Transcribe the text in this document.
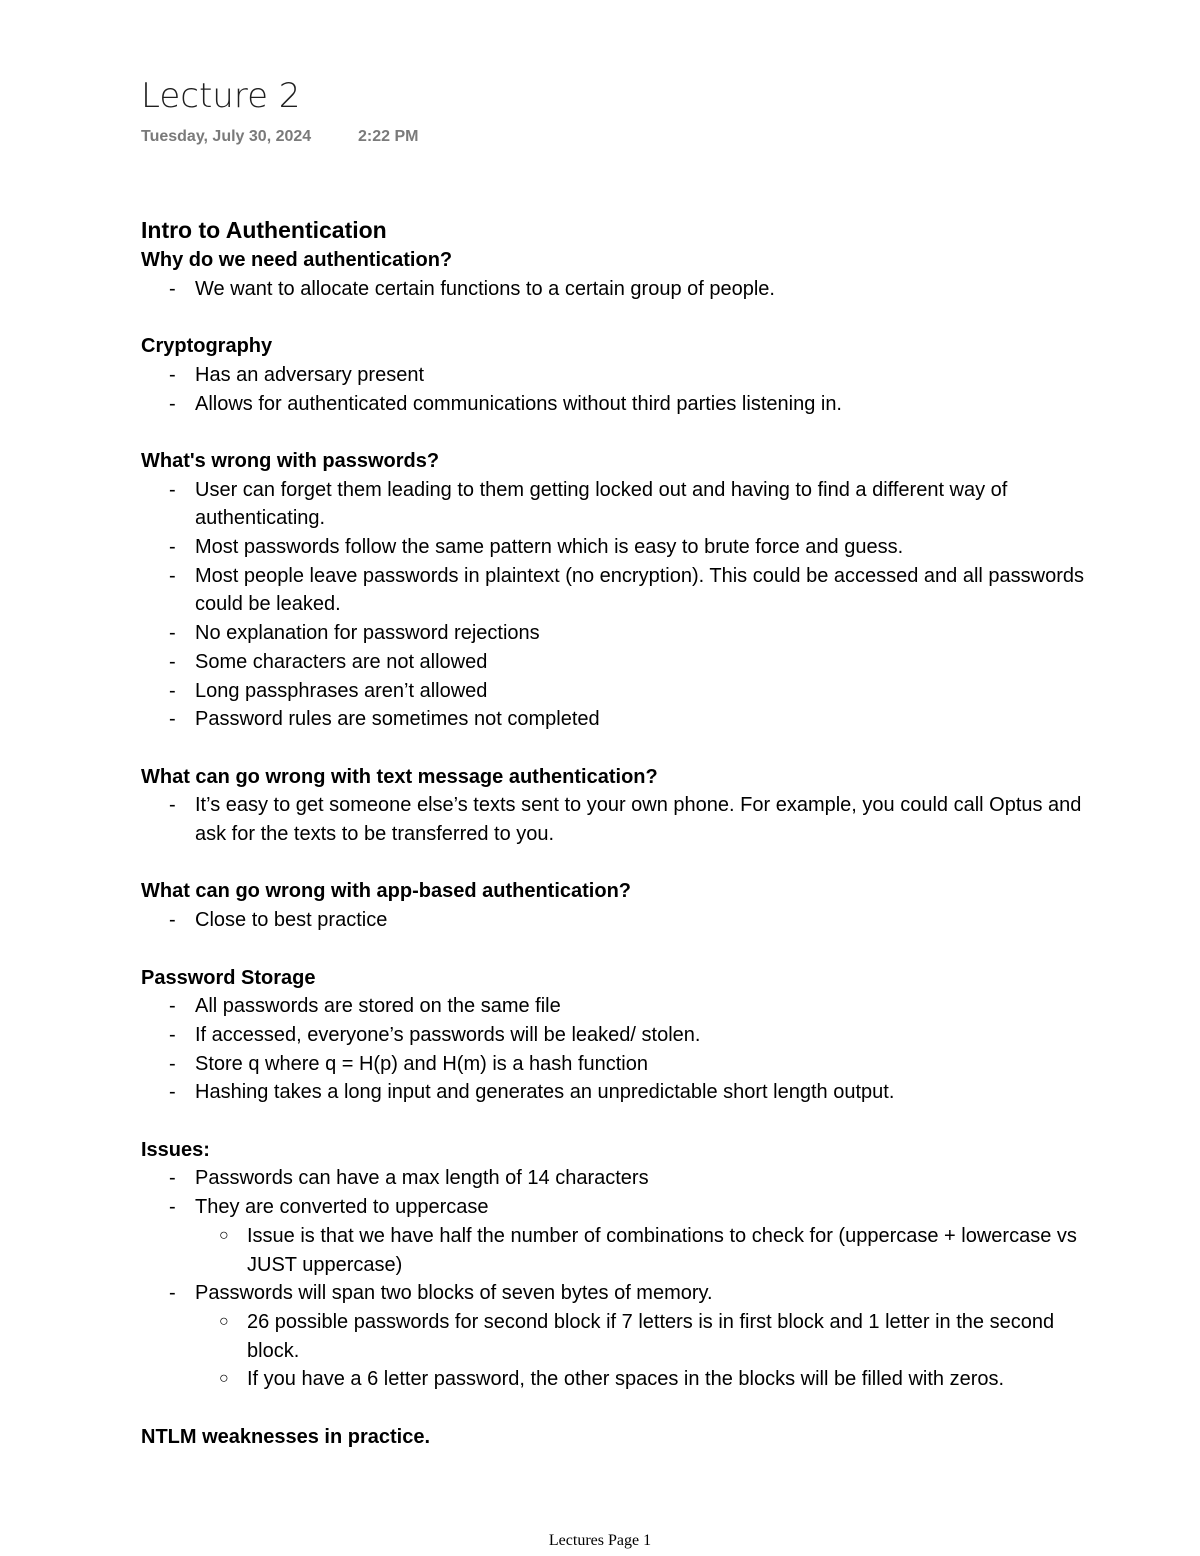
Lecture 2
Tuesday, July 30, 2024	2:22 PM
Intro to Authentication
Why do we need authentication?
- We want to allocate certain functions to a certain group of people.
Cryptography
- Has an adversary present
- Allows for authenticated communications without third parties listening in.
What's wrong with passwords?
- User can forget them leading to them getting locked out and having to find a different way of authenticating.
- Most passwords follow the same pattern which is easy to brute force and guess.
- Most people leave passwords in plaintext (no encryption). This could be accessed and all passwords could be leaked.
- No explanation for password rejections
- Some characters are not allowed
- Long passphrases aren’t allowed
- Password rules are sometimes not completed
What can go wrong with text message authentication?
- It’s easy to get someone else’s texts sent to your own phone. For example, you could call Optus and ask for the texts to be transferred to you.
What can go wrong with app-based authentication?
- Close to best practice
Password Storage
- All passwords are stored on the same file
- If accessed, everyone’s passwords will be leaked/ stolen.
- Store q where q = H(p) and H(m) is a hash function
- Hashing takes a long input and generates an unpredictable short length output.
Issues:
- Passwords can have a max length of 14 characters
- They are converted to uppercase
○ Issue is that we have half the number of combinations to check for (uppercase + lowercase vs JUST uppercase)
- Passwords will span two blocks of seven bytes of memory.
○ 26 possible passwords for second block if 7 letters is in first block and 1 letter in the second block.
○ If you have a 6 letter password, the other spaces in the blocks will be filled with zeros.
NTLM weaknesses in practice.
Lectures Page 1
